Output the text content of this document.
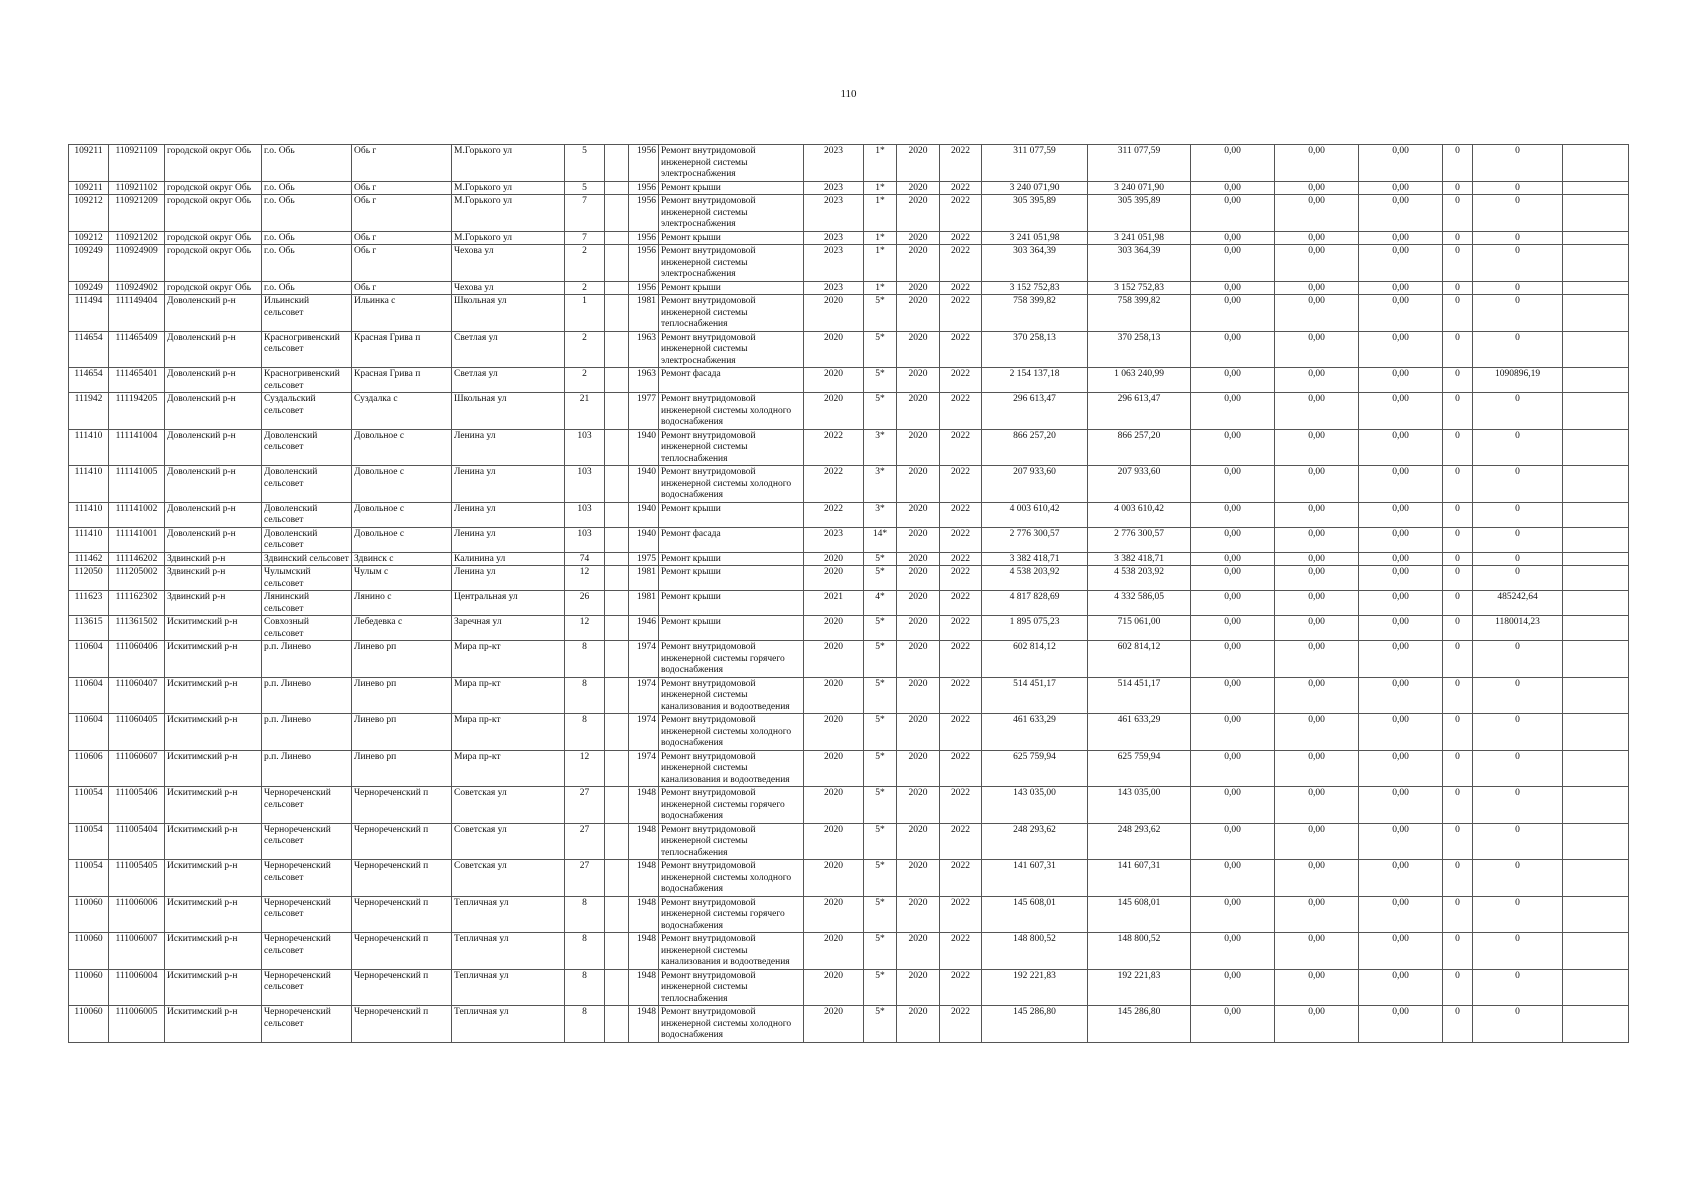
110
109211	110921109	городской округ Обь	г.о. Обь	Обь г	М.Горького ул	5		1956	Ремонт внутридомовой инженерной системы электроснабжения	2023	1*	2020	2022	311 077,59	311 077,59	0,00	0,00	0,00	0	0	
109211	110921102	городской округ Обь	г.о. Обь	Обь г	М.Горького ул	5		1956	Ремонт крыши	2023	1*	2020	2022	3 240 071,90	3 240 071,90	0,00	0,00	0,00	0	0	
109212	110921209	городской округ Обь	г.о. Обь	Обь г	М.Горького ул	7		1956	Ремонт внутридомовой инженерной системы электроснабжения	2023	1*	2020	2022	305 395,89	305 395,89	0,00	0,00	0,00	0	0	
109212	110921202	городской округ Обь	г.о. Обь	Обь г	М.Горького ул	7		1956	Ремонт крыши	2023	1*	2020	2022	3 241 051,98	3 241 051,98	0,00	0,00	0,00	0	0	
109249	110924909	городской округ Обь	г.о. Обь	Обь г	Чехова ул	2		1956	Ремонт внутридомовой инженерной системы электроснабжения	2023	1*	2020	2022	303 364,39	303 364,39	0,00	0,00	0,00	0	0	
109249	110924902	городской округ Обь	г.о. Обь	Обь г	Чехова ул	2		1956	Ремонт крыши	2023	1*	2020	2022	3 152 752,83	3 152 752,83	0,00	0,00	0,00	0	0	
111494	111149404	Доволенский р-н	Ильинский сельсовет	Ильинка с	Школьная ул	1		1981	Ремонт внутридомовой инженерной системы теплоснабжения	2020	5*	2020	2022	758 399,82	758 399,82	0,00	0,00	0,00	0	0	
114654	111465409	Доволенский р-н	Красногривенский сельсовет	Красная Грива п	Светлая ул	2		1963	Ремонт внутридомовой инженерной системы электроснабжения	2020	5*	2020	2022	370 258,13	370 258,13	0,00	0,00	0,00	0	0	
114654	111465401	Доволенский р-н	Красногривенский сельсовет	Красная Грива п	Светлая ул	2		1963	Ремонт фасада	2020	5*	2020	2022	2 154 137,18	1 063 240,99	0,00	0,00	0,00	0	1090896,19	
111942	111194205	Доволенский р-н	Суздальский сельсовет	Суздалка с	Школьная ул	21		1977	Ремонт внутридомовой инженерной системы холодного водоснабжения	2020	5*	2020	2022	296 613,47	296 613,47	0,00	0,00	0,00	0	0	
111410	111141004	Доволенский р-н	Доволенский сельсовет	Довольное с	Ленина ул	103		1940	Ремонт внутридомовой инженерной системы теплоснабжения	2022	3*	2020	2022	866 257,20	866 257,20	0,00	0,00	0,00	0	0	
111410	111141005	Доволенский р-н	Доволенский сельсовет	Довольное с	Ленина ул	103		1940	Ремонт внутридомовой инженерной системы холодного водоснабжения	2022	3*	2020	2022	207 933,60	207 933,60	0,00	0,00	0,00	0	0	
111410	111141002	Доволенский р-н	Доволенский сельсовет	Довольное с	Ленина ул	103		1940	Ремонт крыши	2022	3*	2020	2022	4 003 610,42	4 003 610,42	0,00	0,00	0,00	0	0	
111410	111141001	Доволенский р-н	Доволенский сельсовет	Довольное с	Ленина ул	103		1940	Ремонт фасада	2023	14*	2020	2022	2 776 300,57	2 776 300,57	0,00	0,00	0,00	0	0	
111462	111146202	Здвинский р-н	Здвинский сельсовет	Здвинск с	Калинина ул	74		1975	Ремонт крыши	2020	5*	2020	2022	3 382 418,71	3 382 418,71	0,00	0,00	0,00	0	0	
112050	111205002	Здвинский р-н	Чулымский сельсовет	Чулым с	Ленина ул	12		1981	Ремонт крыши	2020	5*	2020	2022	4 538 203,92	4 538 203,92	0,00	0,00	0,00	0	0	
111623	111162302	Здвинский р-н	Лянинский сельсовет	Лянино с	Центральная ул	26		1981	Ремонт крыши	2021	4*	2020	2022	4 817 828,69	4 332 586,05	0,00	0,00	0,00	0	485242,64	
113615	111361502	Искитимский р-н	Совхозный сельсовет	Лебедевка с	Заречная ул	12		1946	Ремонт крыши	2020	5*	2020	2022	1 895 075,23	715 061,00	0,00	0,00	0,00	0	1180014,23	
110604	111060406	Искитимский р-н	р.п. Линево	Линево рп	Мира пр-кт	8		1974	Ремонт внутридомовой инженерной системы горячего водоснабжения	2020	5*	2020	2022	602 814,12	602 814,12	0,00	0,00	0,00	0	0	
110604	111060407	Искитимский р-н	р.п. Линево	Линево рп	Мира пр-кт	8		1974	Ремонт внутридомовой инженерной системы канализования и водоотведения	2020	5*	2020	2022	514 451,17	514 451,17	0,00	0,00	0,00	0	0	
110604	111060405	Искитимский р-н	р.п. Линево	Линево рп	Мира пр-кт	8		1974	Ремонт внутридомовой инженерной системы холодного водоснабжения	2020	5*	2020	2022	461 633,29	461 633,29	0,00	0,00	0,00	0	0	
110606	111060607	Искитимский р-н	р.п. Линево	Линево рп	Мира пр-кт	12		1974	Ремонт внутридомовой инженерной системы канализования и водоотведения	2020	5*	2020	2022	625 759,94	625 759,94	0,00	0,00	0,00	0	0	
110054	111005406	Искитимский р-н	Чернореченский сельсовет	Чернореченский п	Советская ул	27		1948	Ремонт внутридомовой инженерной системы горячего водоснабжения	2020	5*	2020	2022	143 035,00	143 035,00	0,00	0,00	0,00	0	0	
110054	111005404	Искитимский р-н	Чернореченский сельсовет	Чернореченский п	Советская ул	27		1948	Ремонт внутридомовой инженерной системы теплоснабжения	2020	5*	2020	2022	248 293,62	248 293,62	0,00	0,00	0,00	0	0	
110054	111005405	Искитимский р-н	Чернореченский сельсовет	Чернореченский п	Советская ул	27		1948	Ремонт внутридомовой инженерной системы холодного водоснабжения	2020	5*	2020	2022	141 607,31	141 607,31	0,00	0,00	0,00	0	0	
110060	111006006	Искитимский р-н	Чернореченский сельсовет	Чернореченский п	Тепличная ул	8		1948	Ремонт внутридомовой инженерной системы горячего водоснабжения	2020	5*	2020	2022	145 608,01	145 608,01	0,00	0,00	0,00	0	0	
110060	111006007	Искитимский р-н	Чернореченский сельсовет	Чернореченский п	Тепличная ул	8		1948	Ремонт внутридомовой инженерной системы канализования и водоотведения	2020	5*	2020	2022	148 800,52	148 800,52	0,00	0,00	0,00	0	0	
110060	111006004	Искитимский р-н	Чернореченский сельсовет	Чернореченский п	Тепличная ул	8		1948	Ремонт внутридомовой инженерной системы теплоснабжения	2020	5*	2020	2022	192 221,83	192 221,83	0,00	0,00	0,00	0	0	
110060	111006005	Искитимский р-н	Чернореченский сельсовет	Чернореченский п	Тепличная ул	8		1948	Ремонт внутридомовой инженерной системы холодного водоснабжения	2020	5*	2020	2022	145 286,80	145 286,80	0,00	0,00	0,00	0	0	
